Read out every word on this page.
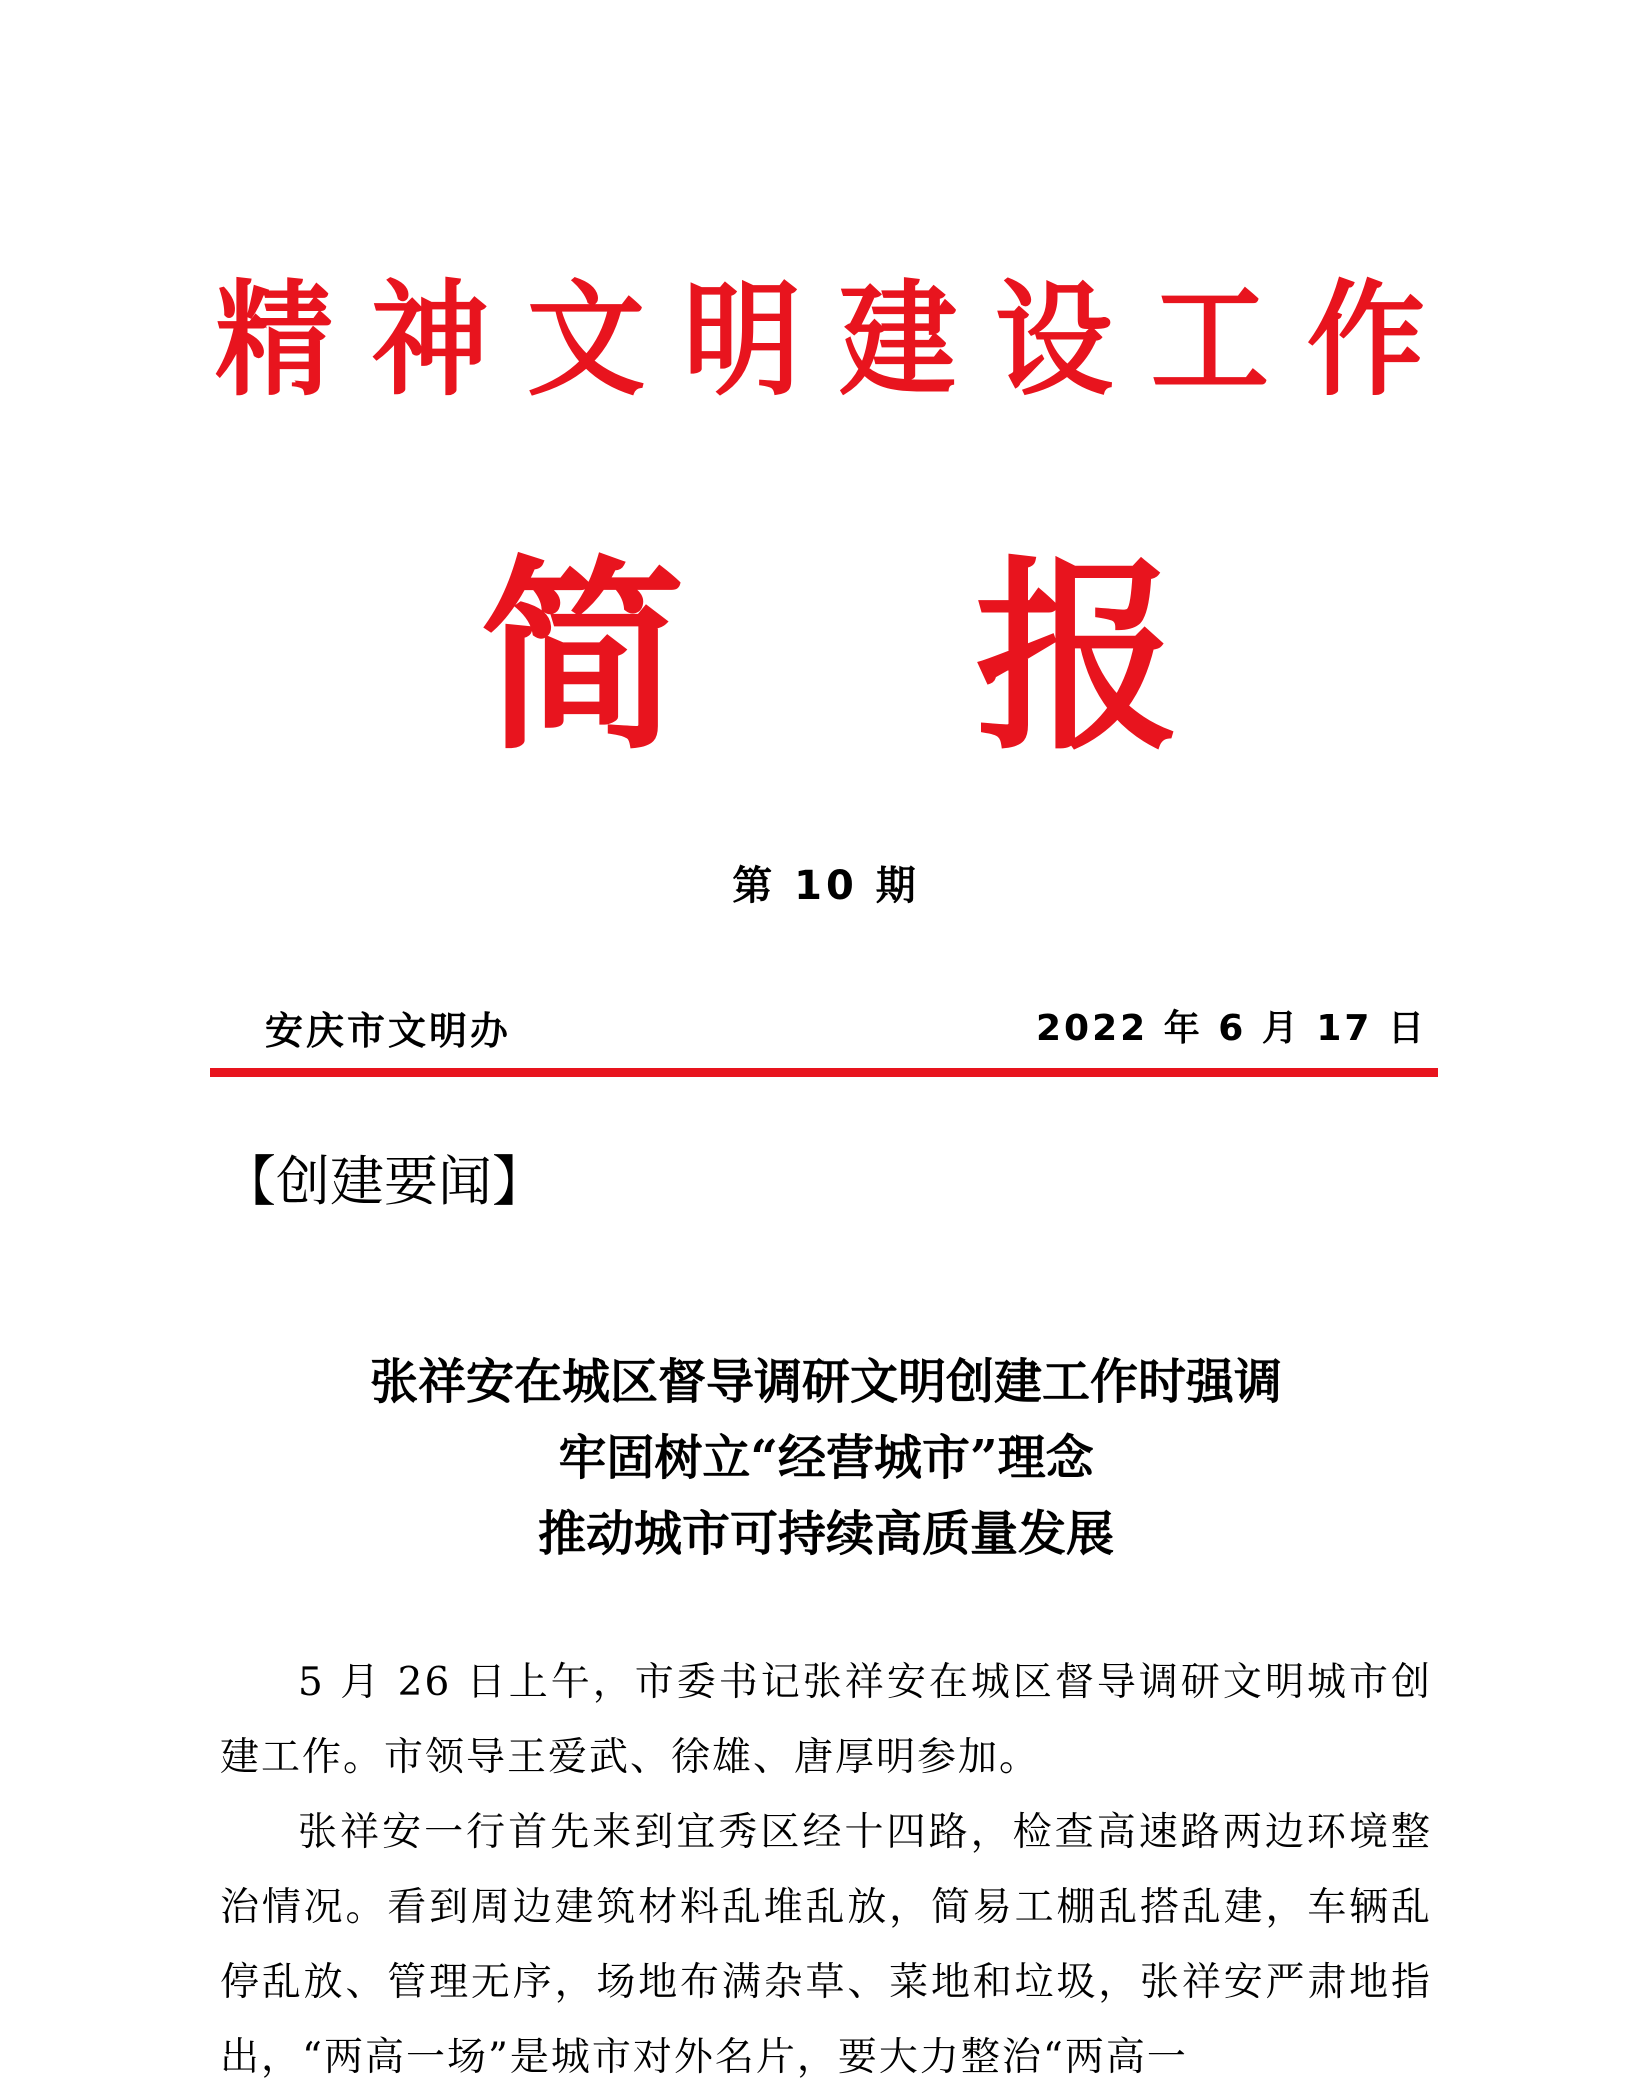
精 神 文 明 建 设 工 作
简 报
第 10 期
安庆市文明办	2022 年 6 月 17 日
【创建要闻】
张祥安在城区督导调研文明创建工作时强调
牢固树立“经营城市”理念
推动城市可持续高质量发展

5 月 26 日上午，市委书记张祥安在城区督导调研文明城市创建工作。市领导王爱武、徐雄、唐厚明参加。

张祥安一行首先来到宜秀区经十四路，检查高速路两边环境整治情况。看到周边建筑材料乱堆乱放，简易工棚乱搭乱建，车辆乱停乱放、管理无序，场地布满杂草、菜地和垃圾，张祥安严肃地指出，“两高一场”是城市对外名片，要大力整治“两高一
